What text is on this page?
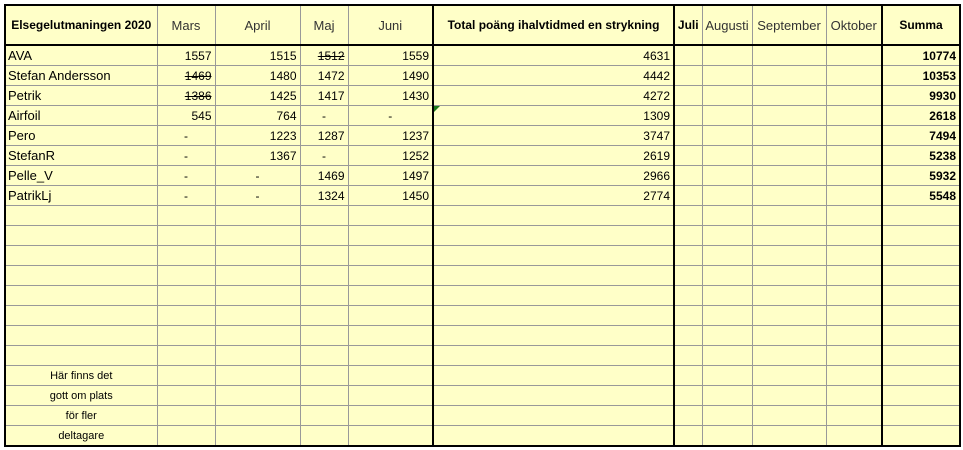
Elsegelutmaningen 2020	Mars	April	Maj	Juni	Total poäng ihalvtidmed en strykning	Juli	Augusti	September	Oktober	Summa
AVA	1557	1515	1512	1559	4631					10774
Stefan Andersson	1469	1480	1472	1490	4442					10353
Petrik	1386	1425	1417	1430	4272					9930
Airfoil	545	764	-	-	1309					2618
Pero	-	1223	1287	1237	3747					7494
StefanR	-	1367	-	1252	2619					5238
Pelle_V	-	-	1469	1497	2966					5932
PatrikLj	-	-	1324	1450	2774					5548

Här finns det										
gott om plats										
för fler										
deltagare										
